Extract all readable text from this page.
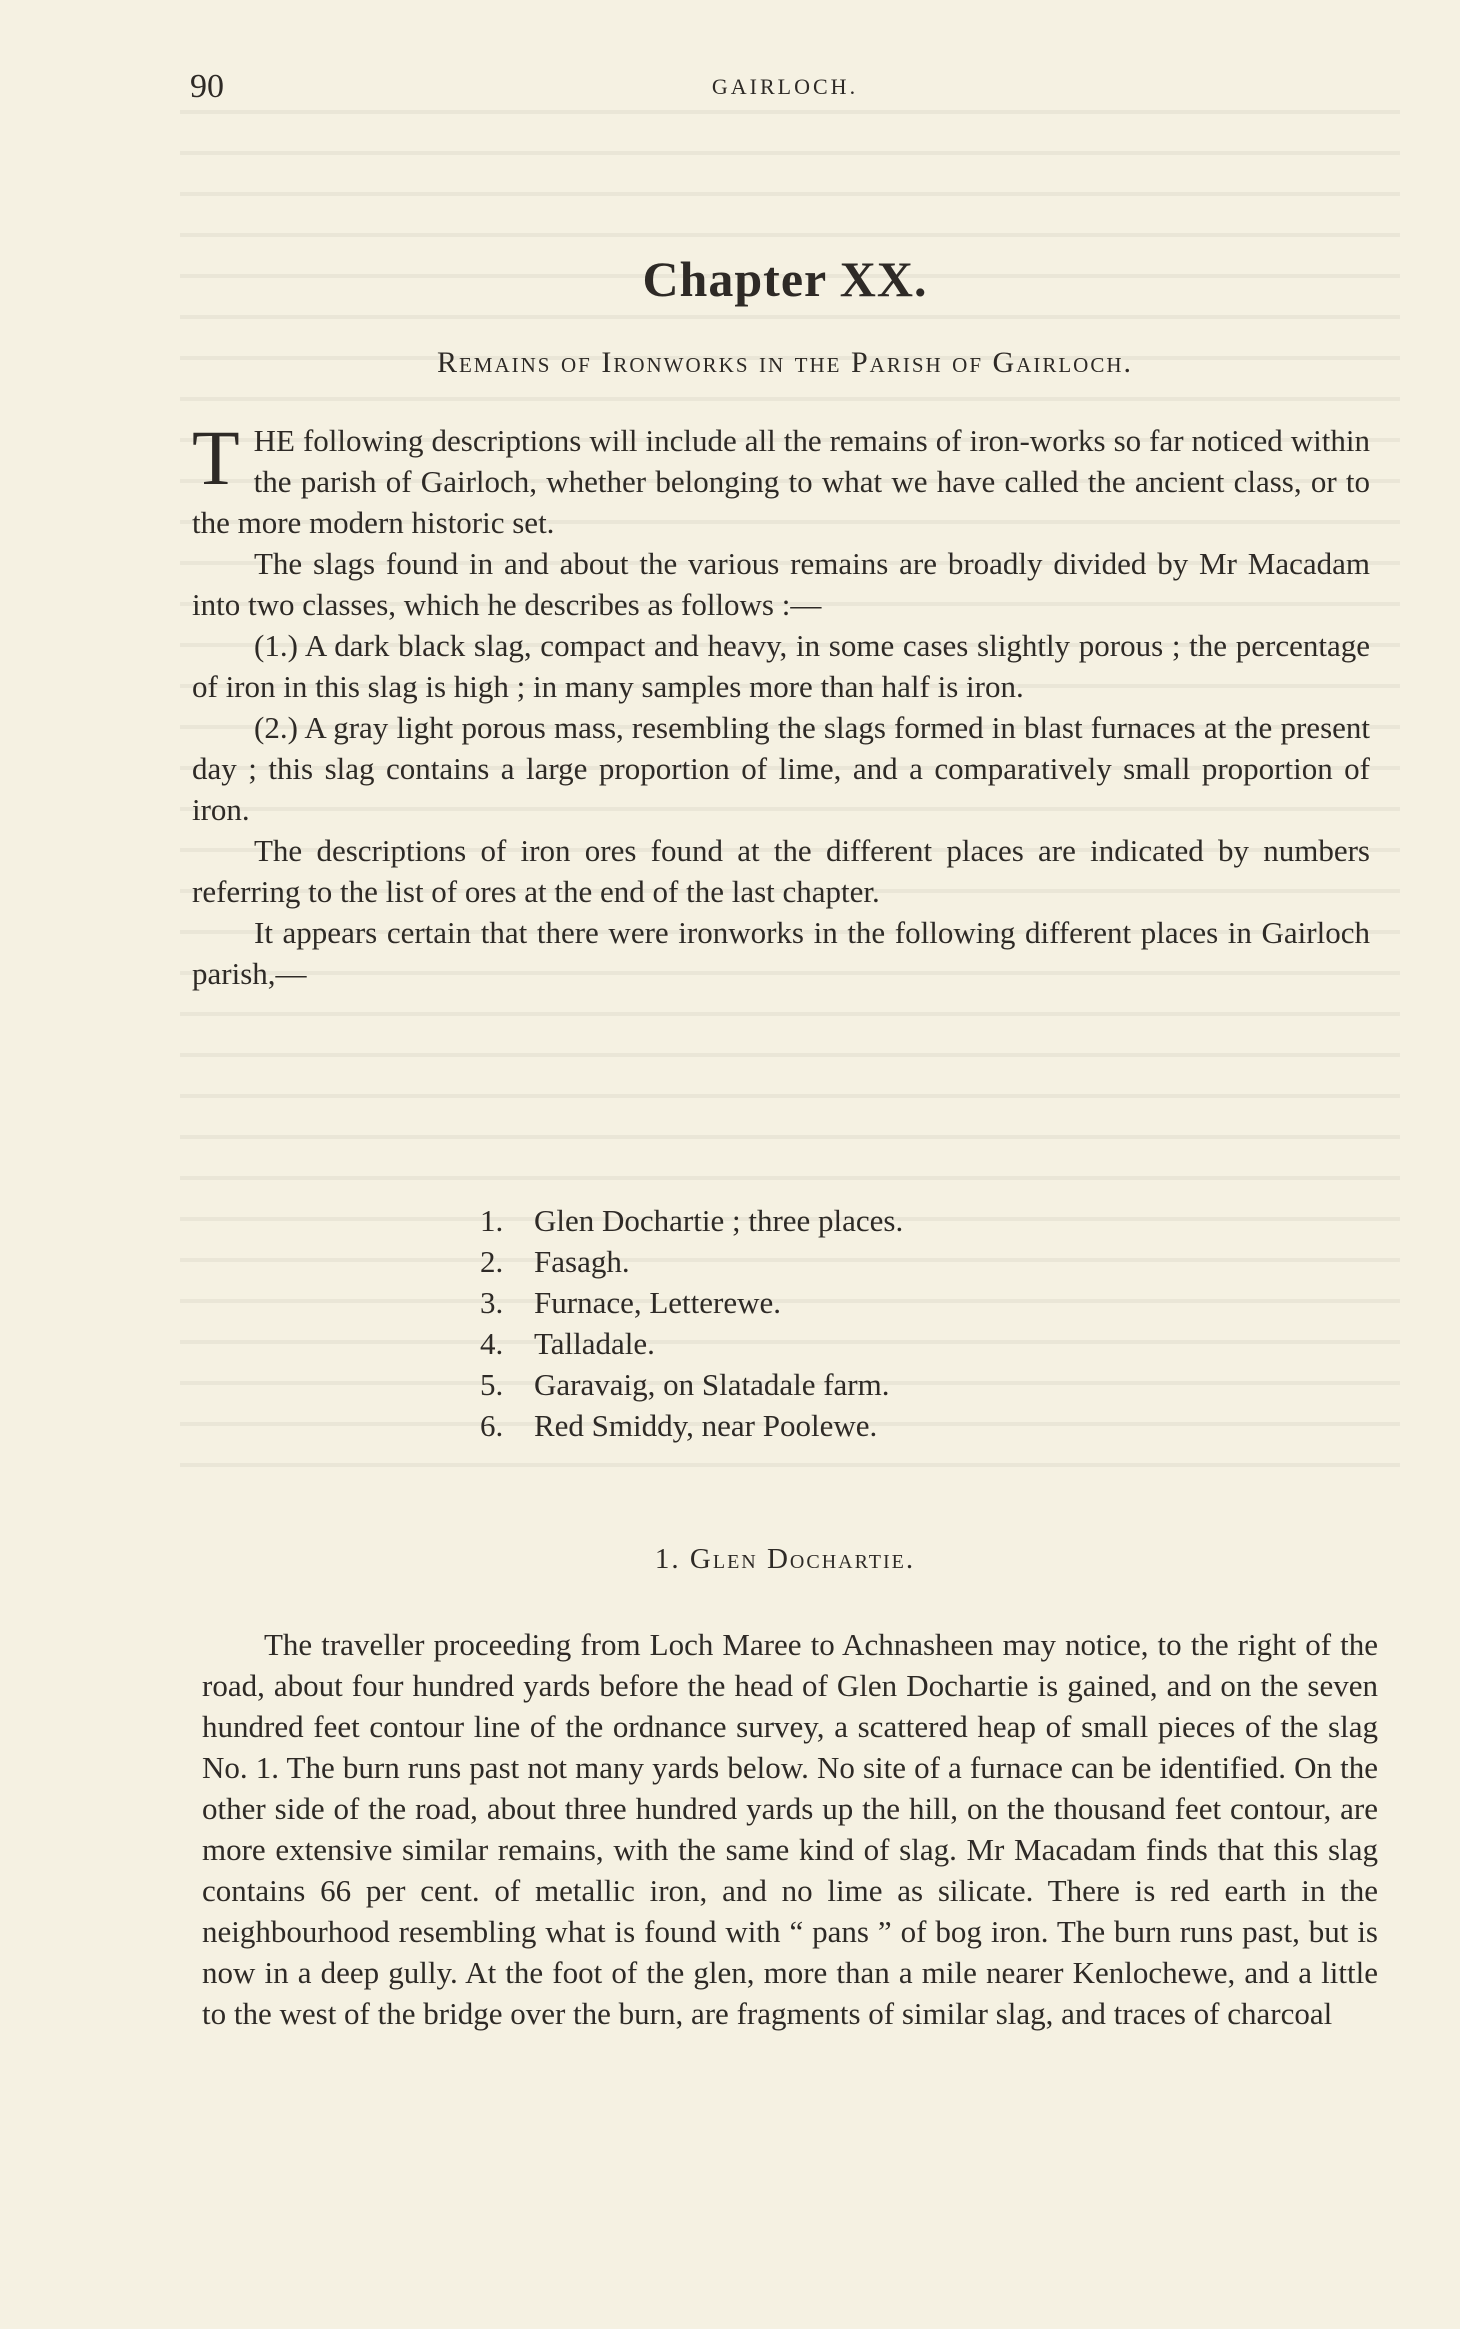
90	GAIRLOCH.
Chapter XX.
Remains of Ironworks in the Parish of Gairloch.

THE following descriptions will include all the remains of iron-works so far noticed within the parish of Gairloch, whether belonging to what we have called the ancient class, or to the more modern historic set.

The slags found in and about the various remains are broadly divided by Mr Macadam into two classes, which he describes as follows :—

(1.) A dark black slag, compact and heavy, in some cases slightly porous ; the percentage of iron in this slag is high ; in many samples more than half is iron.

(2.) A gray light porous mass, resembling the slags formed in blast furnaces at the present day ; this slag contains a large proportion of lime, and a comparatively small proportion of iron.

The descriptions of iron ores found at the different places are indicated by numbers referring to the list of ores at the end of the last chapter.

It appears certain that there were ironworks in the following different places in Gairloch parish,—

1. Glen Dochartie ; three places.
2. Fasagh.
3. Furnace, Letterewe.
4. Talladale.
5. Garavaig, on Slatadale farm.
6. Red Smiddy, near Poolewe.
1. Glen Dochartie.

The traveller proceeding from Loch Maree to Achnasheen may notice, to the right of the road, about four hundred yards before the head of Glen Dochartie is gained, and on the seven hundred feet contour line of the ordnance survey, a scattered heap of small pieces of the slag No. 1. The burn runs past not many yards below. No site of a furnace can be identified. On the other side of the road, about three hundred yards up the hill, on the thousand feet contour, are more extensive similar remains, with the same kind of slag. Mr Macadam finds that this slag contains 66 per cent. of metallic iron, and no lime as silicate. There is red earth in the neighbourhood resembling what is found with “ pans ” of bog iron. The burn runs past, but is now in a deep gully. At the foot of the glen, more than a mile nearer Kenlochewe, and a little to the west of the bridge over the burn, are fragments of similar slag, and traces of charcoal
